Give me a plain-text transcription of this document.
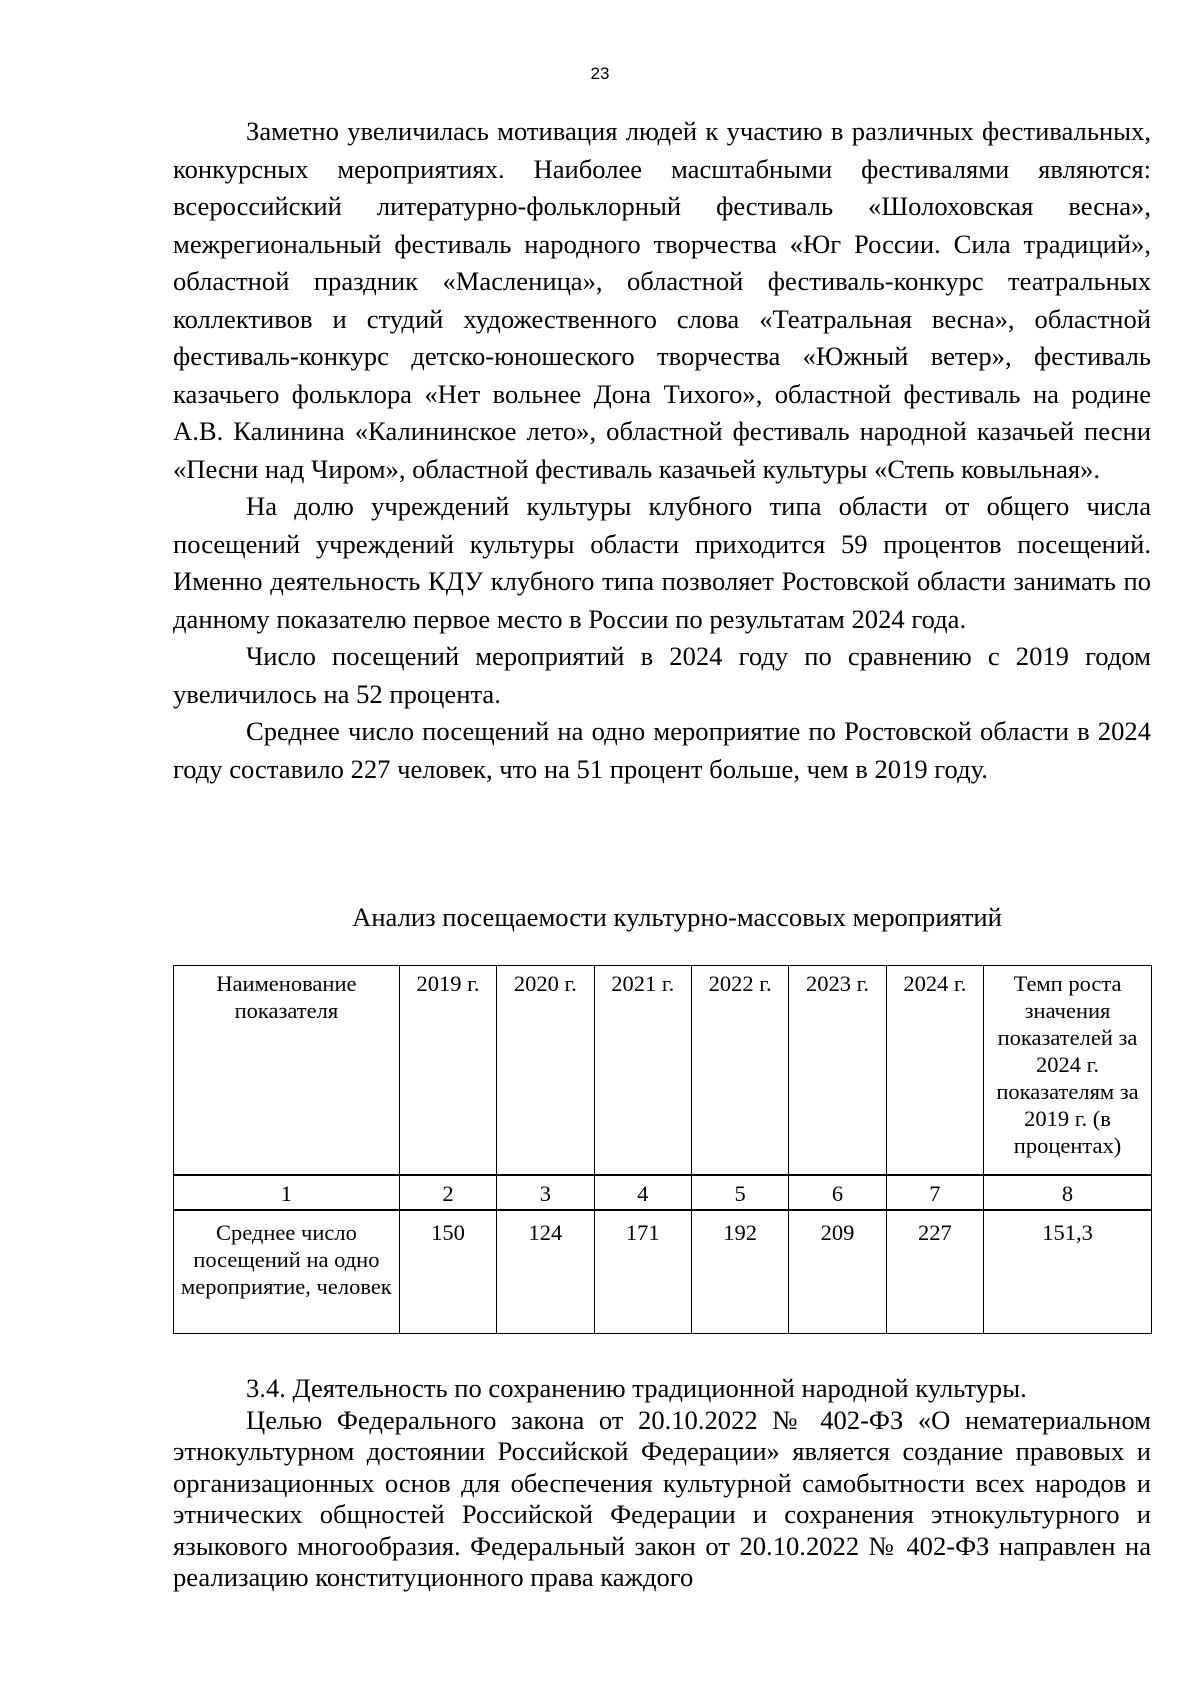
23

Заметно увеличилась мотивация людей к участию в различных фестивальных, конкурсных мероприятиях. Наиболее масштабными фестивалями являются: всероссийский литературно-фольклорный фестиваль «Шолоховская весна», межрегиональный фестиваль народного творчества «Юг России. Сила традиций», областной праздник «Масленица», областной фестиваль-конкурс театральных коллективов и студий художественного слова «Театральная весна», областной фестиваль-конкурс детско-юношеского творчества «Южный ветер», фестиваль казачьего фольклора «Нет вольнее Дона Тихого», областной фестиваль на родине А.В. Калинина «Калининское лето», областной фестиваль народной казачьей песни «Песни над Чиром», областной фестиваль казачьей культуры «Степь ковыльная».

На долю учреждений культуры клубного типа области от общего числа посещений учреждений культуры области приходится 59 процентов посещений. Именно деятельность КДУ клубного типа позволяет Ростовской области занимать по данному показателю первое место в России по результатам 2024 года.

Число посещений мероприятий в 2024 году по сравнению с 2019 годом увеличилось на 52 процента.

Среднее число посещений на одно мероприятие по Ростовской области в 2024 году составило 227 человек, что на 51 процент больше, чем в 2019 году.

Анализ посещаемости культурно-массовых мероприятий
Наименование показателя	2019 г.	2020 г.	2021 г.	2022 г.	2023 г.	2024 г.	Темп роста значения показателей за 2024 г. показателям за 2019 г. (в процентах)
1	2	3	4	5	6	7	8
Среднее число посещений на одно мероприятие, человек	150	124	171	192	209	227	151,3

3.4. Деятельность по сохранению традиционной народной культуры.

Целью Федерального закона от 20.10.2022 № 402-ФЗ «О нематериальном этнокультурном достоянии Российской Федерации» является создание правовых и организационных основ для обеспечения культурной самобытности всех народов и этнических общностей Российской Федерации и сохранения этнокультурного и языкового многообразия. Федеральный закон от 20.10.2022 № 402-ФЗ направлен на реализацию конституционного права каждого
